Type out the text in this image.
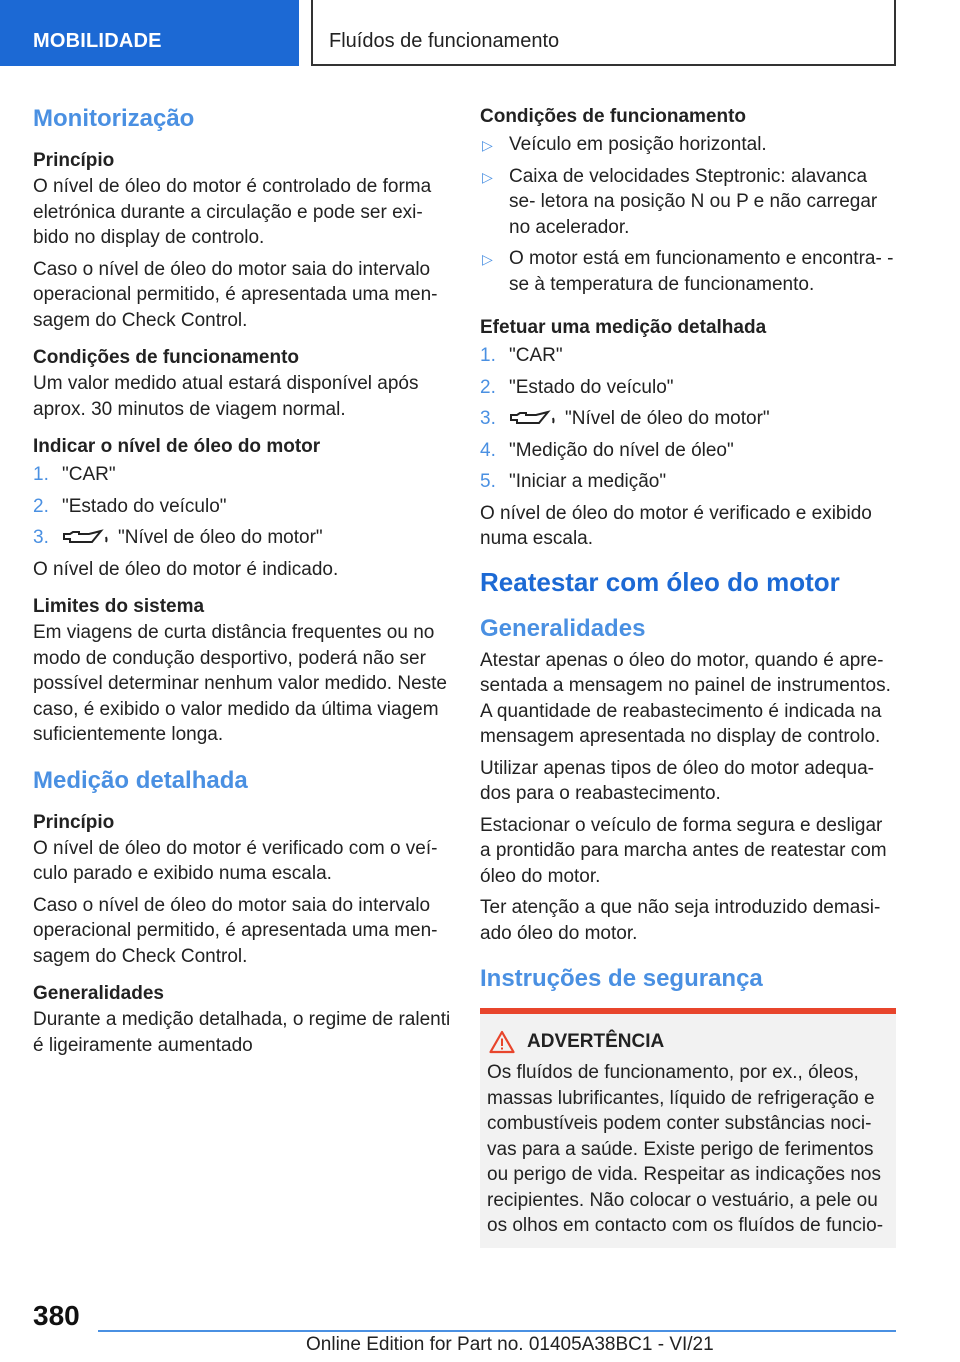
MOBILIDADE	Fluídos de funcionamento
Monitorização
Princípio

O nível de óleo do motor é controlado de forma eletrónica durante a circulação e pode ser exi- bido no display de controlo.

Caso o nível de óleo do motor saia do intervalo operacional permitido, é apresentada uma men- sagem do Check Control.

Condições de funcionamento

Um valor medido atual estará disponível após aprox. 30 minutos de viagem normal.

Indicar o nível de óleo do motor
1. "CAR"
2. "Estado do veículo"
3.	"Nível de óleo do motor"

O nível de óleo do motor é indicado.

Limites do sistema

Em viagens de curta distância frequentes ou no modo de condução desportivo, poderá não ser possível determinar nenhum valor medido. Neste caso, é exibido o valor medido da última viagem suficientemente longa.

Medição detalhada
Princípio

O nível de óleo do motor é verificado com o veí- culo parado e exibido numa escala.

Caso o nível de óleo do motor saia do intervalo operacional permitido, é apresentada uma men- sagem do Check Control.

Generalidades

Durante a medição detalhada, o regime de ralenti é ligeiramente aumentado

Condições de funcionamento
▷ Veículo em posição horizontal.
▷ Caixa de velocidades Steptronic: alavanca se- letora na posição N ou P e não carregar no acelerador.
▷ O motor está em funcionamento e encontra- -se à temperatura de funcionamento.
Efetuar uma medição detalhada
1. "CAR"
2. "Estado do veículo"
3.	"Nível de óleo do motor"
4. "Medição do nível de óleo"
5. "Iniciar a medição"

O nível de óleo do motor é verificado e exibido numa escala.

Reatestar com óleo do motor
Generalidades

Atestar apenas o óleo do motor, quando é apre- sentada a mensagem no painel de instrumentos. A quantidade de reabastecimento é indicada na mensagem apresentada no display de controlo.

Utilizar apenas tipos de óleo do motor adequa- dos para o reabastecimento.

Estacionar o veículo de forma segura e desligar a prontidão para marcha antes de reatestar com óleo do motor.

Ter atenção a que não seja introduzido demasi- ado óleo do motor.

Instruções de segurança
ADVERTÊNCIA

Os fluídos de funcionamento, por ex., óleos, massas lubrificantes, líquido de refrigeração e combustíveis podem conter substâncias noci- vas para a saúde. Existe perigo de ferimentos ou perigo de vida. Respeitar as indicações nos recipientes. Não colocar o vestuário, a pele ou os olhos em contacto com os fluídos de funcio-

380
Online Edition for Part no. 01405A38BC1 - VI/21
